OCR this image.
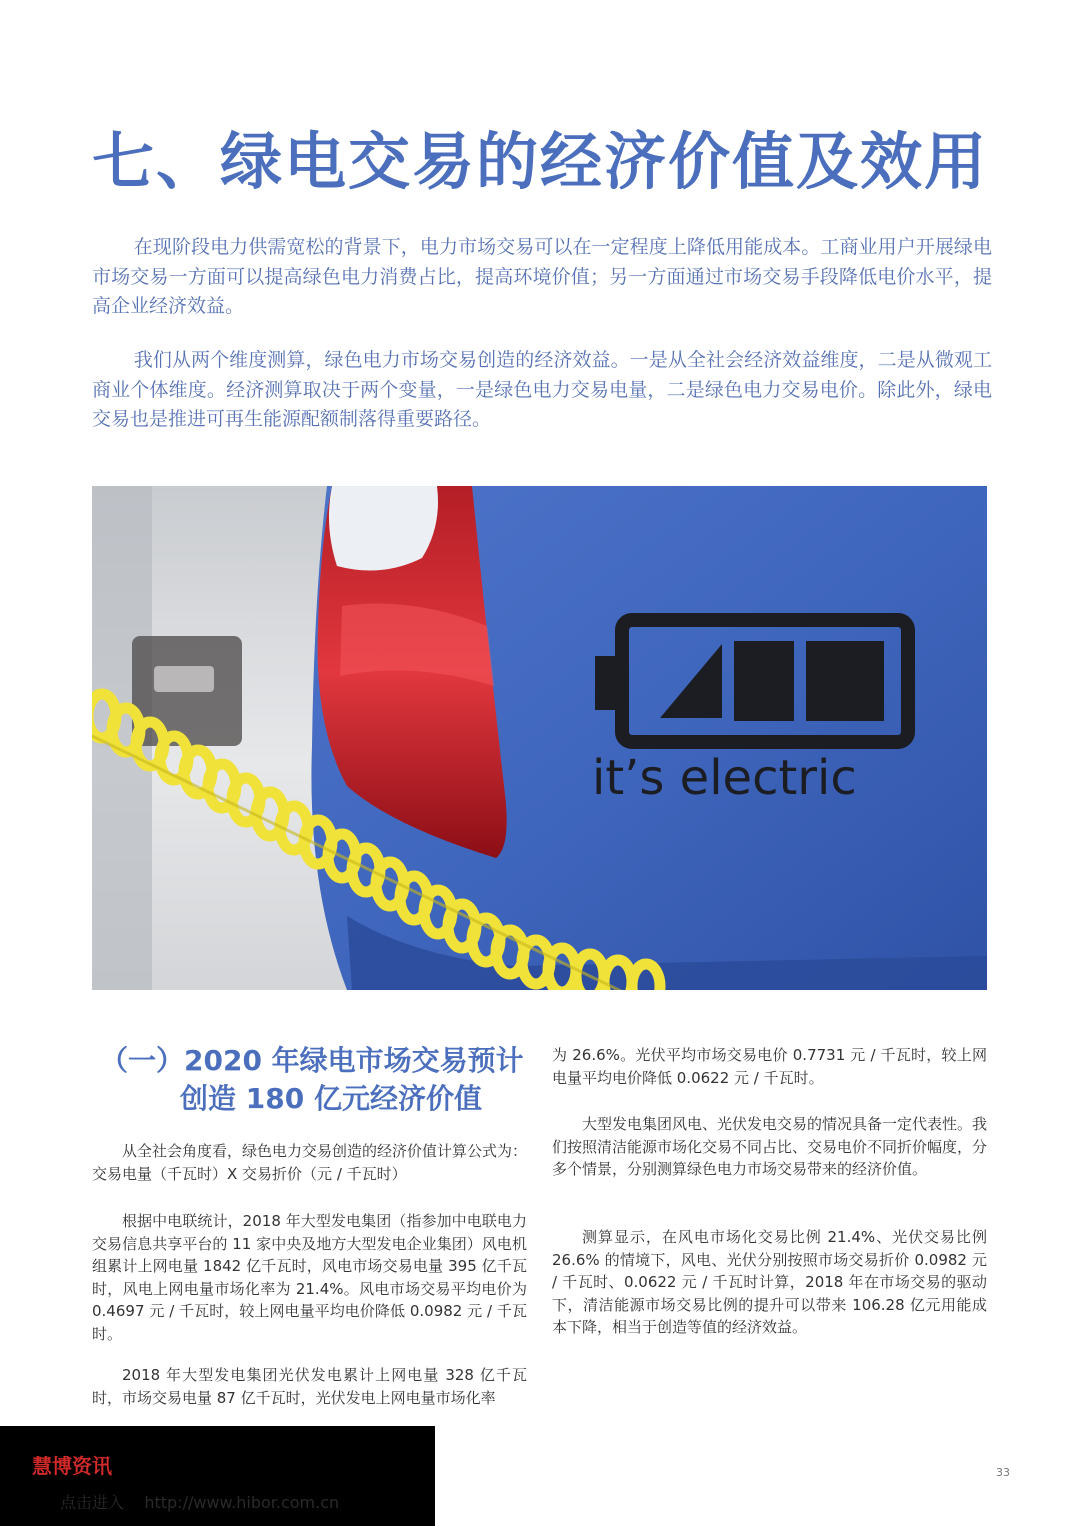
七、绿电交易的经济价值及效用

在现阶段电力供需宽松的背景下，电力市场交易可以在一定程度上降低用能成本。工商业用户开展绿电市场交易一方面可以提高绿色电力消费占比，提高环境价值；另一方面通过市场交易手段降低电价水平，提高企业经济效益。

我们从两个维度测算，绿色电力市场交易创造的经济效益。一是从全社会经济效益维度，二是从微观工商业个体维度。经济测算取决于两个变量，一是绿色电力交易电量，二是绿色电力交易电价。除此外，绿电交易也是推进可再生能源配额制落得重要路径。

it’s electric
（一）2020 年绿电市场交易预计
创造 180 亿元经济价值

从全社会角度看，绿色电力交易创造的经济价值计算公式为：交易电量（千瓦时）X 交易折价（元 / 千瓦时）

根据中电联统计，2018 年大型发电集团（指参加中电联电力交易信息共享平台的 11 家中央及地方大型发电企业集团）风电机组累计上网电量 1842 亿千瓦时，风电市场交易电量 395 亿千瓦时，风电上网电量市场化率为 21.4%。风电市场交易平均电价为 0.4697 元 / 千瓦时，较上网电量平均电价降低 0.0982 元 / 千瓦时。

2018 年大型发电集团光伏发电累计上网电量 328 亿千瓦时，市场交易电量 87 亿千瓦时，光伏发电上网电量市场化率

为 26.6%。光伏平均市场交易电价 0.7731 元 / 千瓦时，较上网电量平均电价降低 0.0622 元 / 千瓦时。

大型发电集团风电、光伏发电交易的情况具备一定代表性。我们按照清洁能源市场化交易不同占比、交易电价不同折价幅度，分多个情景，分别测算绿色电力市场交易带来的经济价值。

测算显示，在风电市场化交易比例 21.4%、光伏交易比例 26.6% 的情境下，风电、光伏分别按照市场交易折价 0.0982 元 / 千瓦时、0.0622 元 / 千瓦时计算，2018 年在市场交易的驱动下，清洁能源市场交易比例的提升可以带来 106.28 亿元用能成本下降，相当于创造等值的经济效益。

慧博资讯
点击进入    http://www.hibor.com.cn
33
